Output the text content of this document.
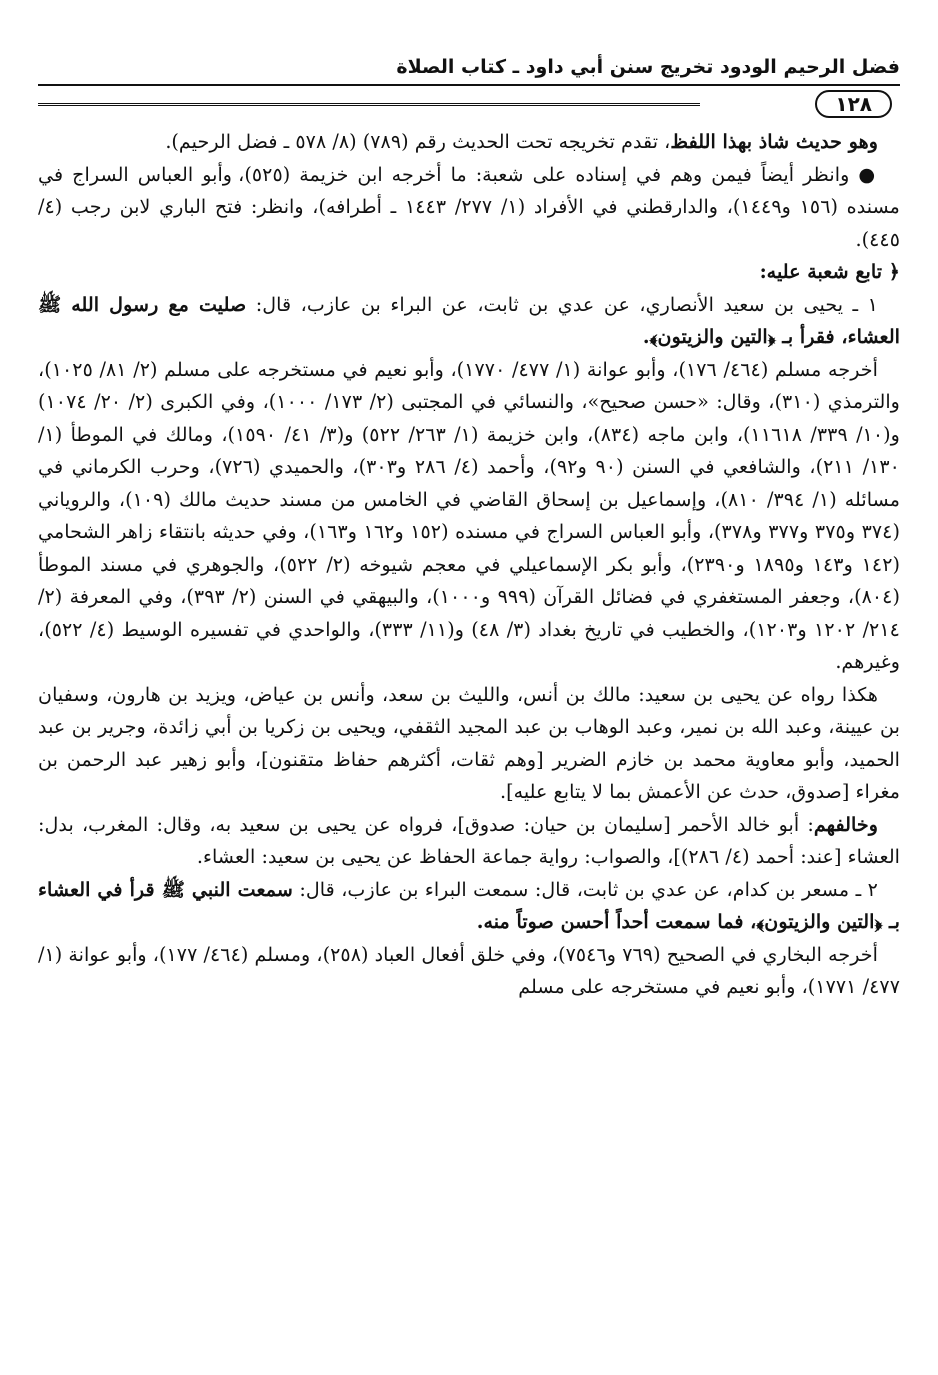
فضل الرحيم الودود تخريج سنن أبي داود ـ كتاب الصلاة
١٢٨

وهو حديث شاذ بهذا اللفظ، تقدم تخريجه تحت الحديث رقم (٧٨٩) (٨/ ٥٧٨ ـ فضل الرحيم).

● وانظر أيضاً فيمن وهم في إسناده على شعبة: ما أخرجه ابن خزيمة (٥٢٥)، وأبو العباس السراج في مسنده (١٥٦ و١٤٤٩)، والدارقطني في الأفراد (١/ ٢٧٧/ ١٤٤٣ ـ أطرافه)، وانظر: فتح الباري لابن رجب (٤/ ٤٤٥).

﴿ تابع شعبة عليه:

١ ـ يحيى بن سعيد الأنصاري، عن عدي بن ثابت، عن البراء بن عازب، قال: صليت مع رسول الله ﷺ العشاء، فقرأ بـ ﴿التين والزيتون﴾.

أخرجه مسلم (٤٦٤/ ١٧٦)، وأبو عوانة (١/ ٤٧٧/ ١٧٧٠)، وأبو نعيم في مستخرجه على مسلم (٢/ ٨١/ ١٠٢٥)، والترمذي (٣١٠)، وقال: «حسن صحيح»، والنسائي في المجتبى (٢/ ١٧٣/ ١٠٠٠)، وفي الكبرى (٢/ ٢٠/ ١٠٧٤) و(١٠/ ٣٣٩/ ١١٦١٨)، وابن ماجه (٨٣٤)، وابن خزيمة (١/ ٢٦٣/ ٥٢٢) و(٣/ ٤١/ ١٥٩٠)، ومالك في الموطأ (١/ ١٣٠/ ٢١١)، والشافعي في السنن (٩٠ و٩٢)، وأحمد (٤/ ٢٨٦ و٣٠٣)، والحميدي (٧٢٦)، وحرب الكرماني في مسائله (١/ ٣٩٤/ ٨١٠)، وإسماعيل بن إسحاق القاضي في الخامس من مسند حديث مالك (١٠٩)، والروياني (٣٧٤ و٣٧٥ و٣٧٧ و٣٧٨)، وأبو العباس السراج في مسنده (١٥٢ و١٦٢ و١٦٣)، وفي حديثه بانتقاء زاهر الشحامي (١٤٢ و١٤٣ و١٨٩٥ و٢٣٩٠)، وأبو بكر الإسماعيلي في معجم شيوخه (٢/ ٥٢٢)، والجوهري في مسند الموطأ (٨٠٤)، وجعفر المستغفري في فضائل القرآن (٩٩٩ و١٠٠٠)، والبيهقي في السنن (٢/ ٣٩٣)، وفي المعرفة (٢/ ٢١٤/ ١٢٠٢ و١٢٠٣)، والخطيب في تاريخ بغداد (٣/ ٤٨) و(١١/ ٣٣٣)، والواحدي في تفسيره الوسيط (٤/ ٥٢٢)، وغيرهم.

هكذا رواه عن يحيى بن سعيد: مالك بن أنس، والليث بن سعد، وأنس بن عياض، ويزيد بن هارون، وسفيان بن عيينة، وعبد الله بن نمير، وعبد الوهاب بن عبد المجيد الثقفي، ويحيى بن زكريا بن أبي زائدة، وجرير بن عبد الحميد، وأبو معاوية محمد بن خازم الضرير [وهم ثقات، أكثرهم حفاظ متقنون]، وأبو زهير عبد الرحمن بن مغراء [صدوق، حدث عن الأعمش بما لا يتابع عليه].

وخالفهم: أبو خالد الأحمر [سليمان بن حيان: صدوق]، فرواه عن يحيى بن سعيد به، وقال: المغرب، بدل: العشاء [عند: أحمد (٤/ ٢٨٦)]، والصواب: رواية جماعة الحفاظ عن يحيى بن سعيد: العشاء.

٢ ـ مسعر بن كدام، عن عدي بن ثابت، قال: سمعت البراء بن عازب، قال: سمعت النبي ﷺ قرأ في العشاء بـ ﴿التين والزيتون﴾، فما سمعت أحداً أحسن صوتاً منه.

أخرجه البخاري في الصحيح (٧٦٩ و٧٥٤٦)، وفي خلق أفعال العباد (٢٥٨)، ومسلم (٤٦٤/ ١٧٧)، وأبو عوانة (١/ ٤٧٧/ ١٧٧١)، وأبو نعيم في مستخرجه على مسلم
